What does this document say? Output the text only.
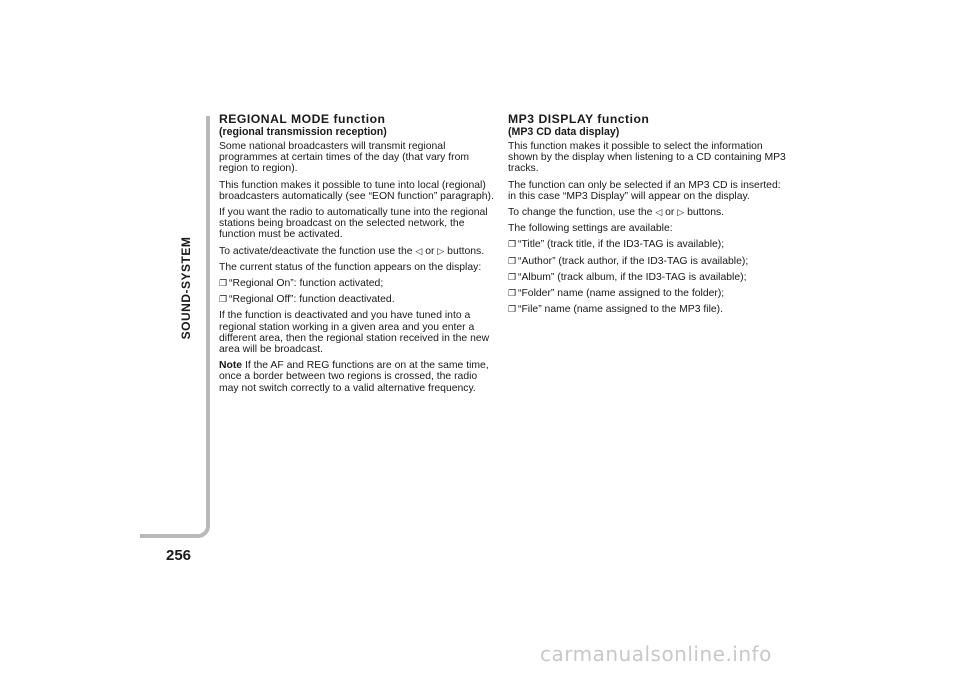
SOUND-SYSTEM
256
REGIONAL MODE function
(regional transmission reception)

Some national broadcasters will transmit regional programmes at certain times of the day (that vary from region to region).

This function makes it possible to tune into local (regional) broadcasters automatically (see “EON function” paragraph).

If you want the radio to automatically tune into the regional stations being broadcast on the selected network, the function must be activated.

To activate/deactivate the function use the ◁ or ▷ buttons.

The current status of the function appears on the display:

❐ “Regional On”: function activated;
❐ “Regional Off”: function deactivated.

If the function is deactivated and you have tuned into a regional station working in a given area and you enter a different area, then the regional station received in the new area will be broadcast.

Note If the AF and REG functions are on at the same time, once a border between two regions is crossed, the radio may not switch correctly to a valid alternative frequency.

MP3 DISPLAY function
(MP3 CD data display)

This function makes it possible to select the information shown by the display when listening to a CD containing MP3 tracks.

The function can only be selected if an MP3 CD is inserted: in this case “MP3 Display” will appear on the display.

To change the function, use the ◁ or ▷ buttons.

The following settings are available:

❐ “Title” (track title, if the ID3-TAG is available);
❐ “Author” (track author, if the ID3-TAG is available);
❐ “Album” (track album, if the ID3-TAG is available);
❐ “Folder” name (name assigned to the folder);
❐ “File” name (name assigned to the MP3 file).
carmanualsonline.info
